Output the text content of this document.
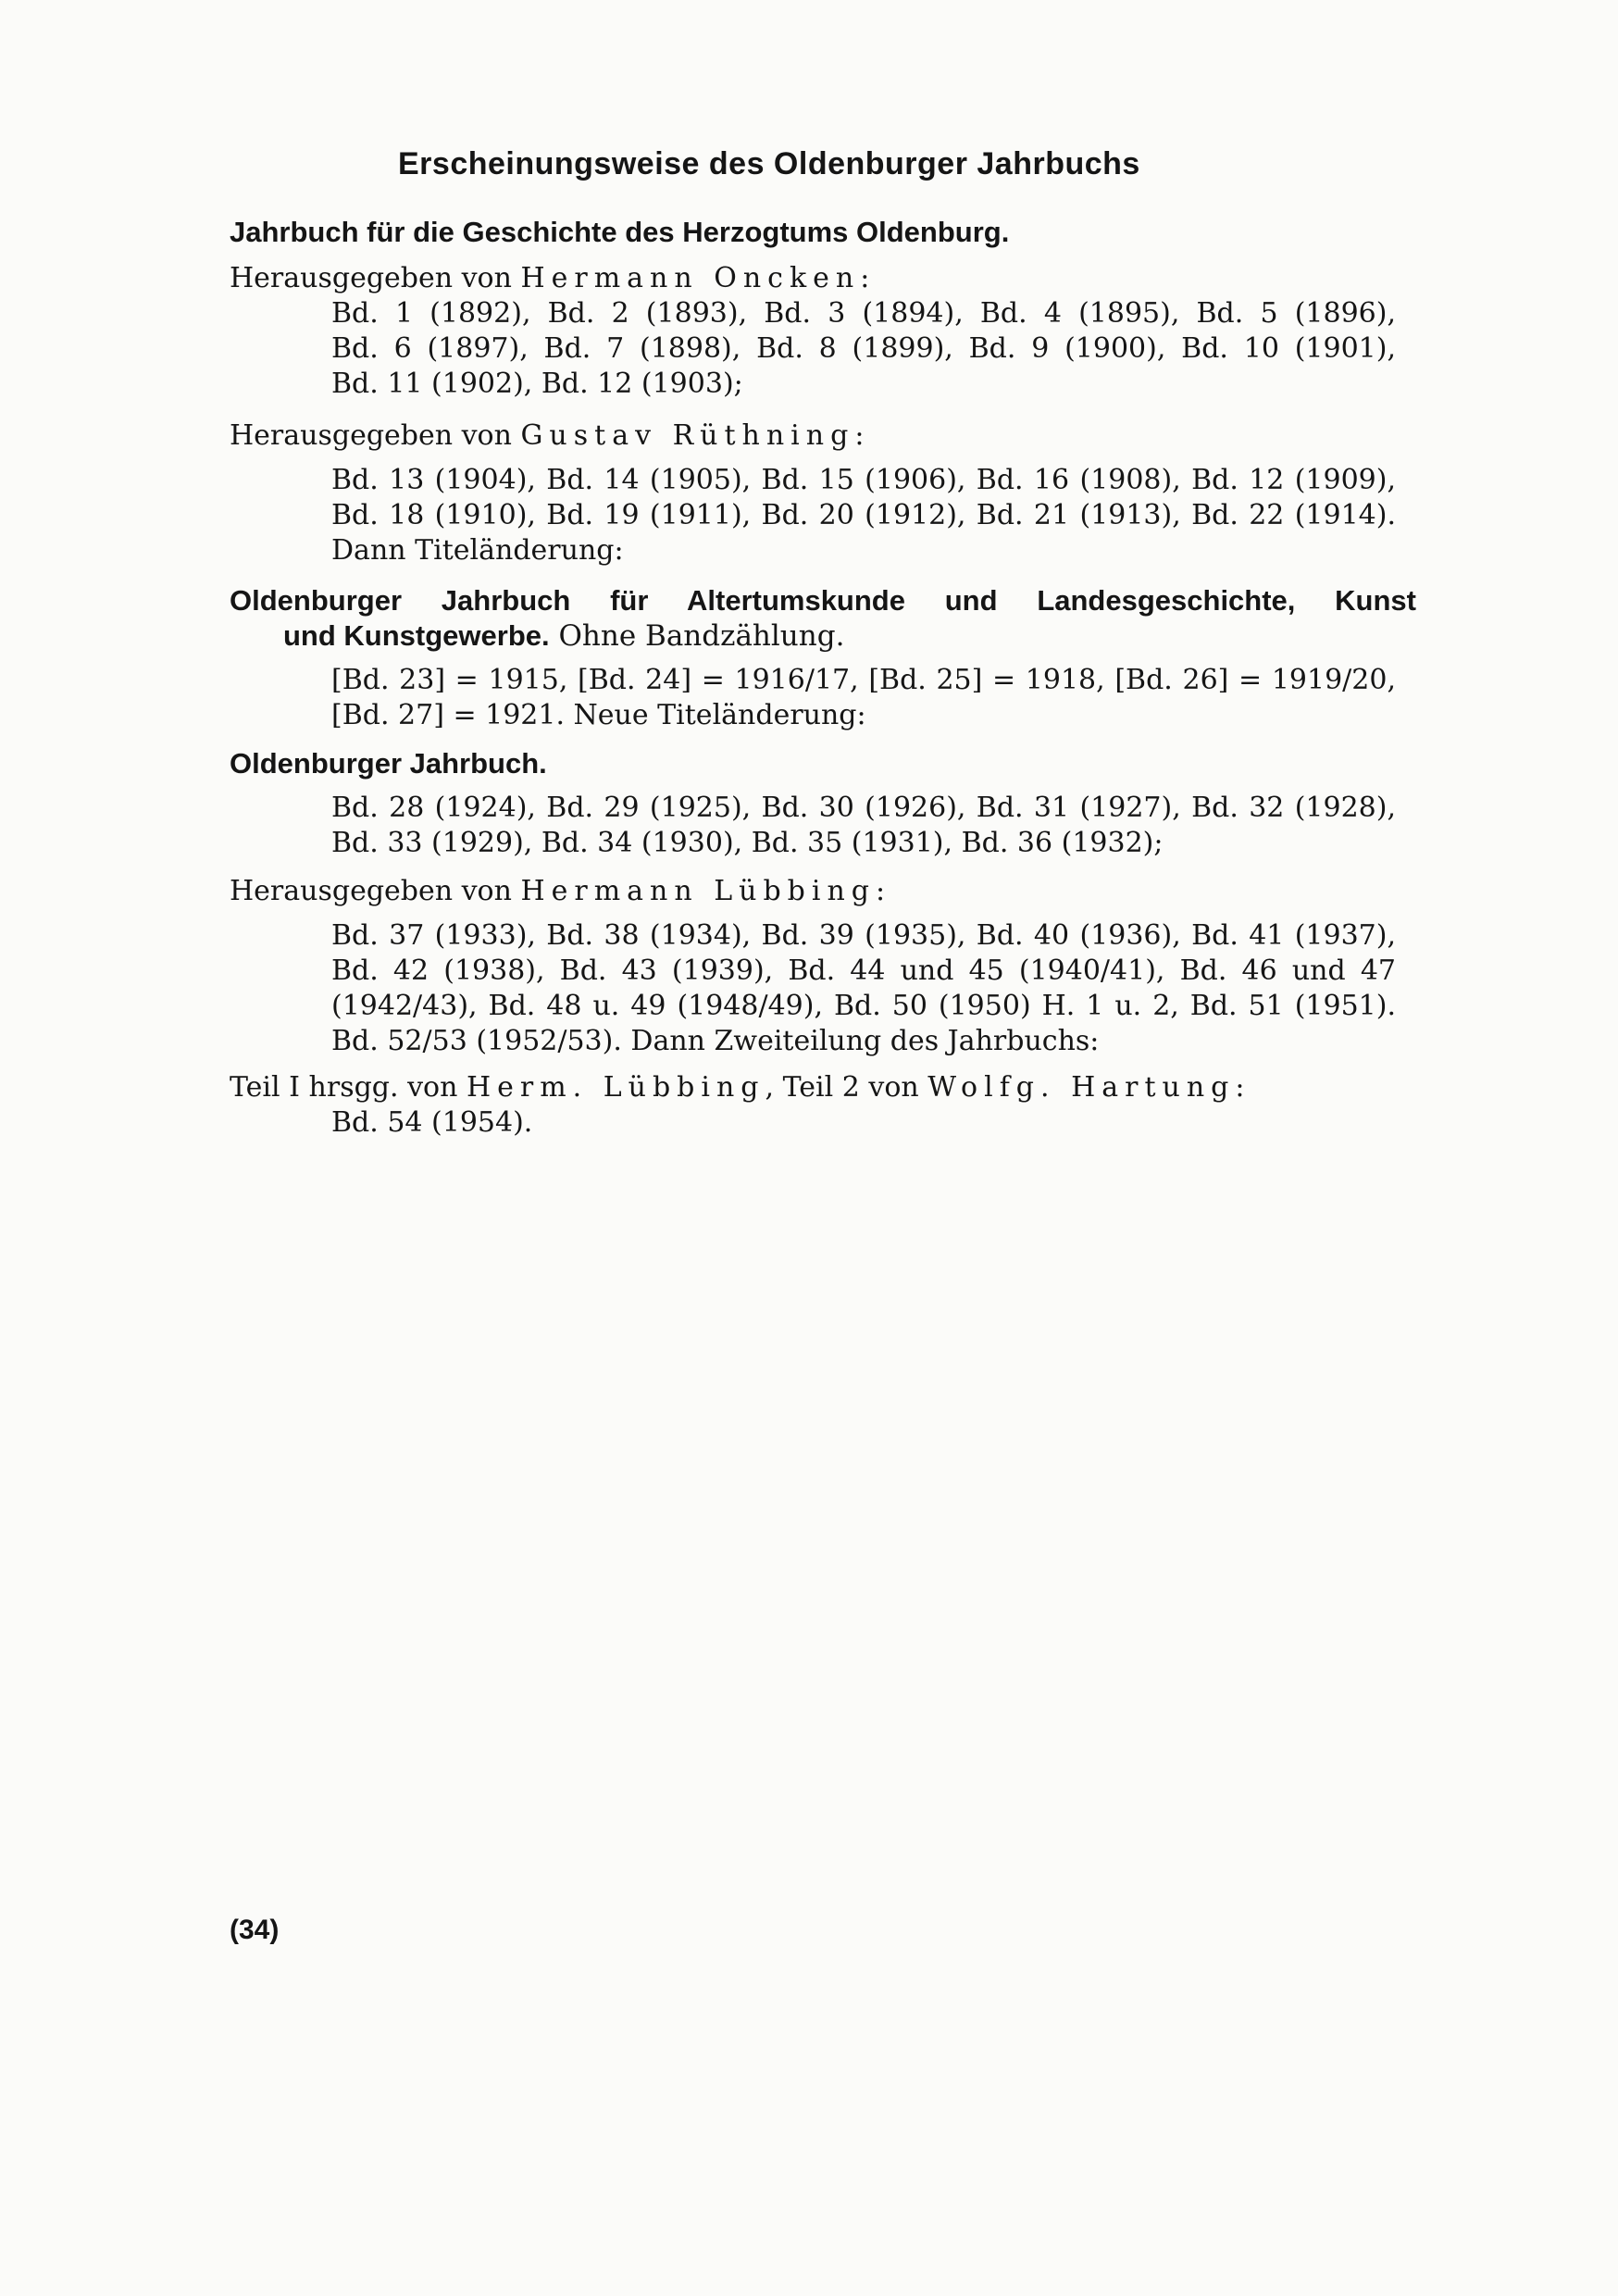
Erscheinungsweise des Oldenburger Jahrbuchs
Jahrbuch für die Geschichte des Herzogtums Oldenburg.
Herausgegeben von Hermann Oncken:
Bd. 1 (1892), Bd. 2 (1893), Bd. 3 (1894), Bd. 4 (1895), Bd. 5 (1896),
Bd. 6 (1897), Bd. 7 (1898), Bd. 8 (1899), Bd. 9 (1900), Bd. 10 (1901),
Bd. 11 (1902), Bd. 12 (1903);
Herausgegeben von Gustav Rüthning:
Bd. 13 (1904), Bd. 14 (1905), Bd. 15 (1906), Bd. 16 (1908), Bd. 12 (1909),
Bd. 18 (1910), Bd. 19 (1911), Bd. 20 (1912), Bd. 21 (1913), Bd. 22 (1914).
Dann Titeländerung:
Oldenburger Jahrbuch für Altertumskunde und Landesgeschichte, Kunst
und Kunstgewerbe. Ohne Bandzählung.
[Bd. 23] = 1915, [Bd. 24] = 1916/17, [Bd. 25] = 1918, [Bd. 26] = 1919/20,
[Bd. 27] = 1921. Neue Titeländerung:
Oldenburger Jahrbuch.
Bd. 28 (1924), Bd. 29 (1925), Bd. 30 (1926), Bd. 31 (1927), Bd. 32 (1928),
Bd. 33 (1929), Bd. 34 (1930), Bd. 35 (1931), Bd. 36 (1932);
Herausgegeben von Hermann Lübbing:
Bd. 37 (1933), Bd. 38 (1934), Bd. 39 (1935), Bd. 40 (1936), Bd. 41 (1937),
Bd. 42 (1938), Bd. 43 (1939), Bd. 44 und 45 (1940/41), Bd. 46 und 47
(1942/43), Bd. 48 u. 49 (1948/49), Bd. 50 (1950) H. 1 u. 2, Bd. 51 (1951).
Bd. 52/53 (1952/53). Dann Zweiteilung des Jahrbuchs:
Teil I hrsgg. von Herm. Lübbing, Teil 2 von Wolfg. Hartung:
Bd. 54 (1954).
(34)
